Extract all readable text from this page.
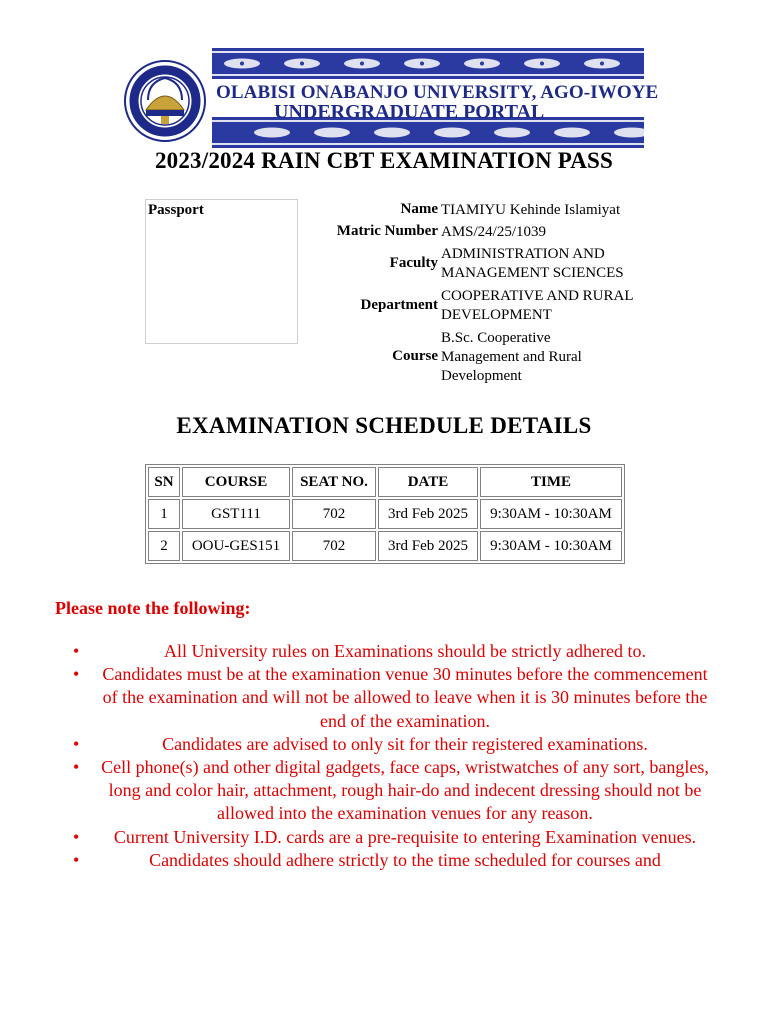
OLABISI ONABANJO UNIVERSITY, AGO-IWOYE
UNDERGRADUATE PORTAL
2023/2024 RAIN CBT EXAMINATION PASS
Passport	Name TIAMIYU Kehinde Islamiyat
Matric Number AMS/24/25/1039
Faculty
ADMINISTRATION AND MANAGEMENT SCIENCES
Department
COOPERATIVE AND RURAL DEVELOPMENT
Course
B.Sc. Cooperative Management and Rural Development
EXAMINATION SCHEDULE DETAILS
SN	COURSE	SEAT NO.	DATE	TIME
1	GST111	702	3rd Feb 2025	9:30AM - 10:30AM
2	OOU-GES151	702	3rd Feb 2025	9:30AM - 10:30AM
Please note the following:
•	All University rules on Examinations should be strictly adhered to.
• Candidates must be at the examination venue 30 minutes before the commencement of the examination and will not be allowed to leave when it is 30 minutes before the end of the examination.
•	Candidates are advised to only sit for their registered examinations.
• Cell phone(s) and other digital gadgets, face caps, wristwatches of any sort, bangles, long and color hair, attachment, rough hair-do and indecent dressing should not be allowed into the examination venues for any reason.
• Current University I.D. cards are a pre-requisite to entering Examination venues.
•	Candidates should adhere strictly to the time scheduled for courses and
